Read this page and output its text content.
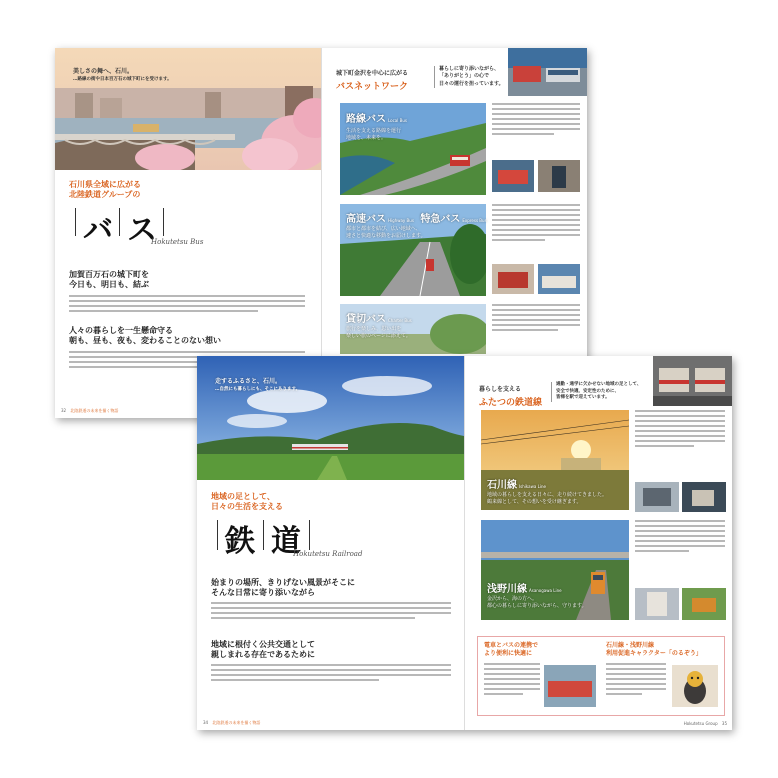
美しさの舞へ、石川。
…路線の街や日本百万石の城下町にを受けます。
石川県全域に広がる
北陸鉄道グループの
バ ス
Hokutetsu Bus
加賀百万石の城下町を
今日も、明日も、結ぶ
人々の暮らしを一生懸命守る
朝も、昼も、夜も、変わることのない想い
32 北陸鉄道の未来を描く物語
城下町金沢を中心に広がる
バスネットワーク
暮らしに寄り添いながら、
「ありがとう」の心で
日々の運行を担っています。
路線バス Local Bus
生活を支える路線を運行
地域を、未来を。
高速バス Highway Bus 特急バス Express Bus
都市と都市を結び、広い地域へ、
速さと快適な移動をお届けします。
貸切バス Charter Bus
旅行を楽しみ、思い出を
楽しい旅のページに添えて。
走するふるさと、石川。
…自然にも暮らしにも、そこにあります。
地域の足として、
日々の生活を支える
鉄 道
Hokutetsu Railroad
始まりの場所、きりげない風景がそこに
そんな日常に寄り添いながら
地域に根付く公共交通として
親しまれる存在であるために
34 北陸鉄道の未来を描く物語
暮らしを支える
ふたつの鉄道線
通勤・通学に欠かせない地域の足として、
安全で快適、安定性のために、
皆様を駅で迎えています。
石川線 Ishikawa Line
地域の暮らしを支える日々に、走り続けてきました。
鶴来線として、その想いを受け継ぎます。
浅野川線 Asanogawa Line
金沢から、海の方へ。
都心の暮らしに寄り添いながら、守ります。
電車とバスの連携で
より便利に快適に
石川線・浅野川線
利用促進キャラクター「のるぞう」
Hokutetsu Group 35
